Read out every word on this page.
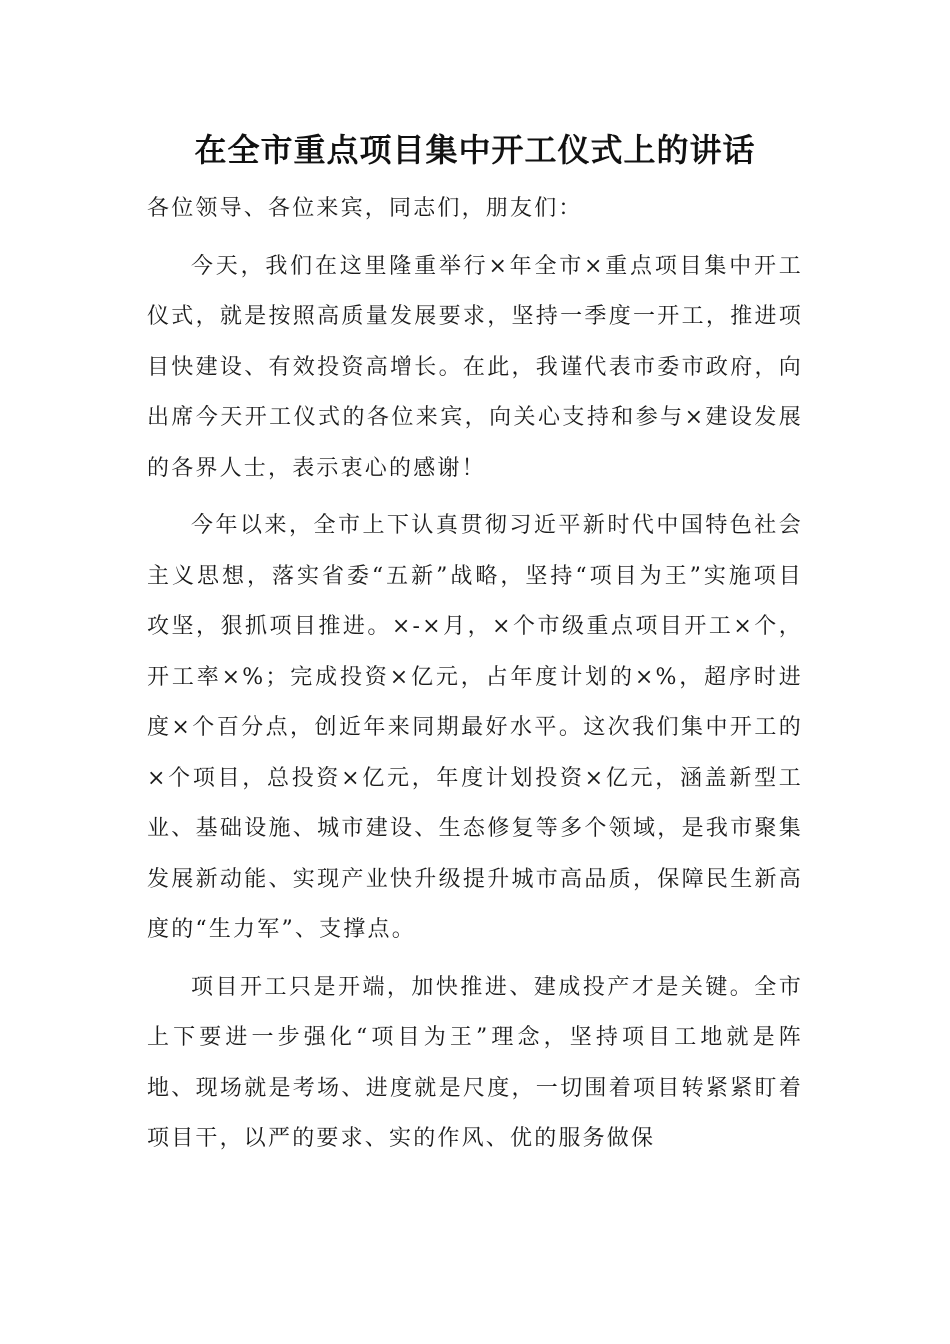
在全市重点项目集中开工仪式上的讲话

各位领导、各位来宾，同志们，朋友们：

今天，我们在这里隆重举行×年全市×重点项目集中开工仪式，就是按照高质量发展要求，坚持一季度一开工，推进项目快建设、有效投资高增长。在此，我谨代表市委市政府，向出席今天开工仪式的各位来宾，向关心支持和参与×建设发展的各界人士，表示衷心的感谢！

今年以来，全市上下认真贯彻习近平新时代中国特色社会主义思想，落实省委“五新”战略，坚持“项目为王”实施项目攻坚，狠抓项目推进。×-×月，×个市级重点项目开工×个，开工率×%；完成投资×亿元，占年度计划的×%，超序时进度×个百分点，创近年来同期最好水平。这次我们集中开工的×个项目，总投资×亿元，年度计划投资×亿元，涵盖新型工业、基础设施、城市建设、生态修复等多个领域，是我市聚集发展新动能、实现产业快升级提升城市高品质，保障民生新高度的“生力军”、支撑点。

项目开工只是开端，加快推进、建成投产才是关键。全市上下要进一步强化“项目为王”理念，坚持项目工地就是阵地、现场就是考场、进度就是尺度，一切围着项目转紧紧盯着项目干，以严的要求、实的作风、优的服务做保
